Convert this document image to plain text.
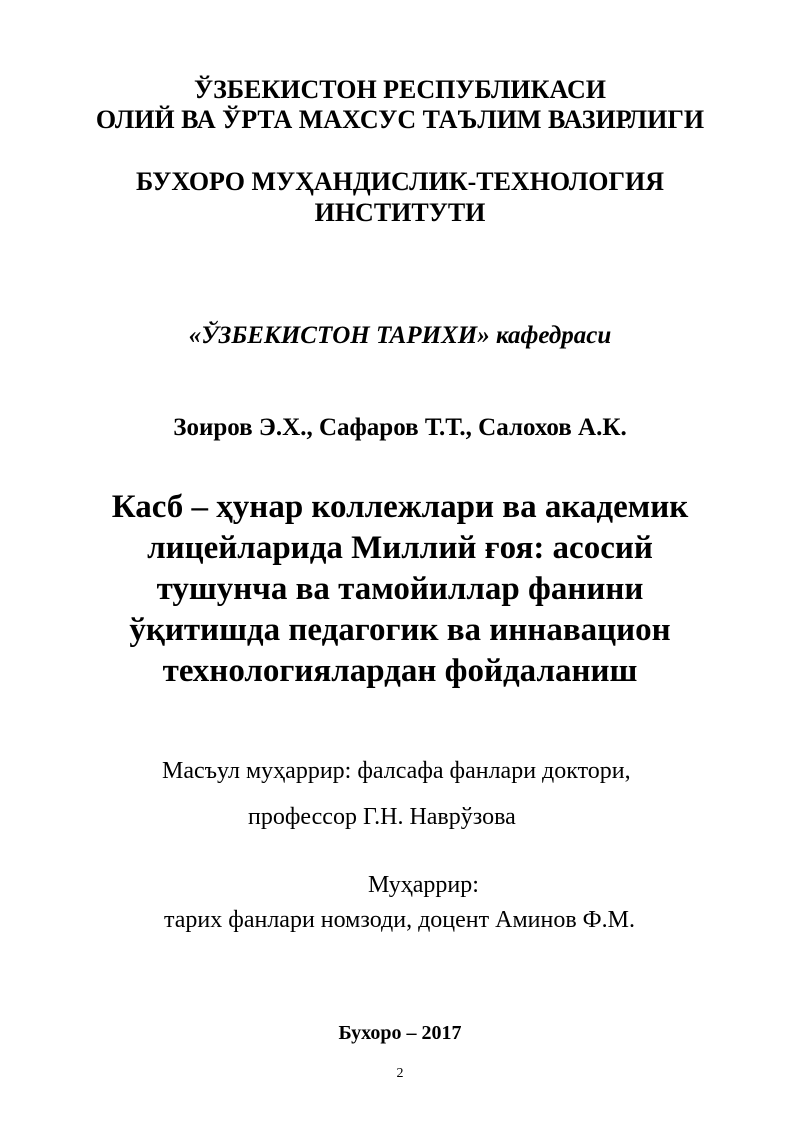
ЎЗБЕКИСТОН РЕСПУБЛИКАСИ
ОЛИЙ ВА ЎРТА МАХСУС ТАЪЛИМ ВАЗИРЛИГИ
БУХОРО МУҲАНДИСЛИК-ТЕХНОЛОГИЯ
ИНСТИТУТИ
«ЎЗБЕКИСТОН ТАРИХИ» кафедраси
Зоиров Э.Х., Сафаров Т.Т., Салохов А.К.
Касб – ҳунар коллежлари ва академик
лицейларида Миллий ғоя: асосий
тушунча ва тамойиллар фанини
ўқитишда педагогик ва иннавацион
технологиялардан фойдаланиш
Масъул муҳаррир: фалсафа фанлари доктори,
профессор Г.Н. Наврўзова
Муҳаррир:
тарих фанлари номзоди, доцент Аминов Ф.М.
Бухоро – 2017
2
